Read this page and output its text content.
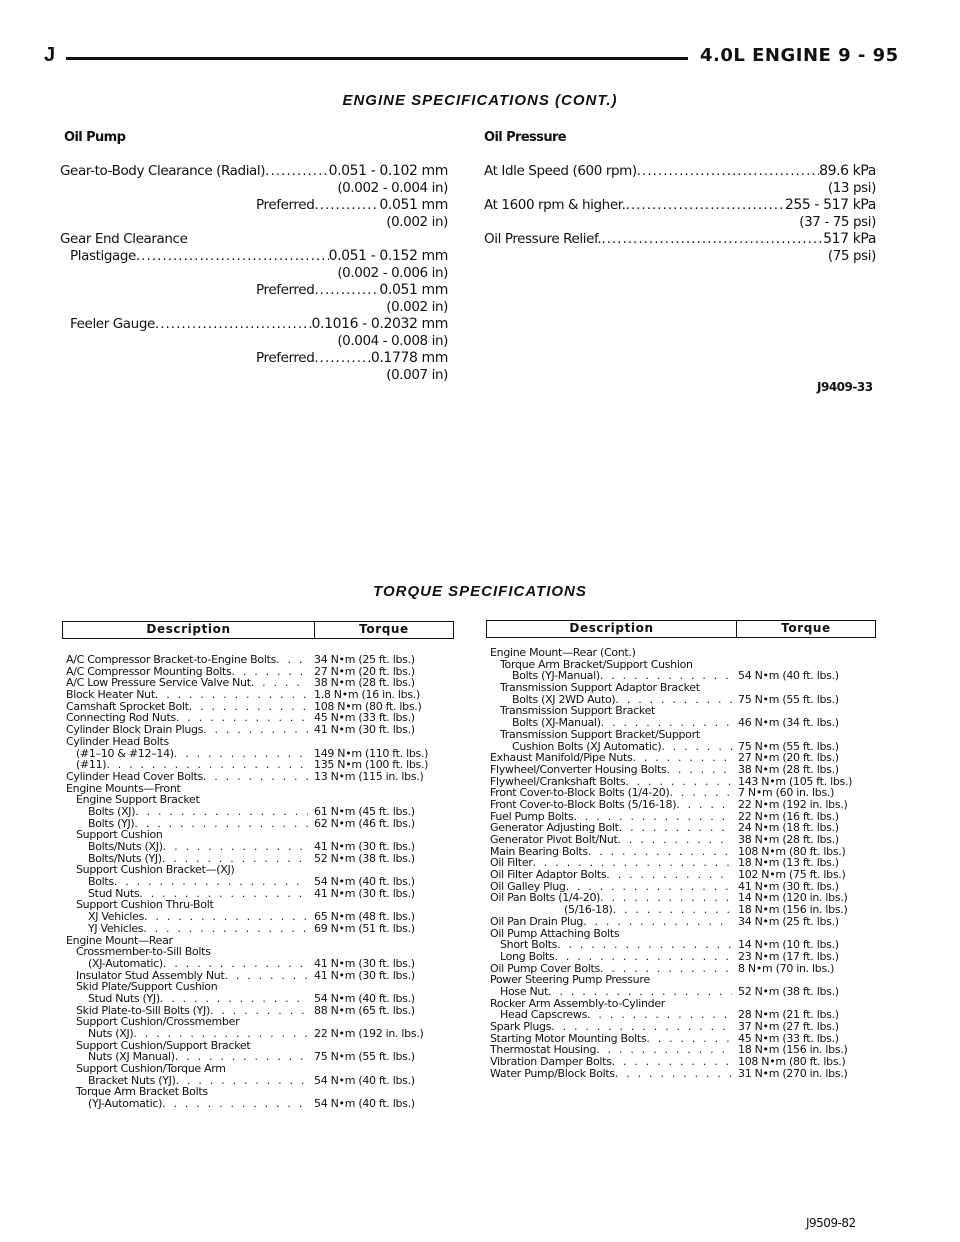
J	4.0L ENGINE 9 - 95
ENGINE SPECIFICATIONS (CONT.)
Oil Pump
Gear-to-Body Clearance (Radial) .....	0.051 - 0.102 mm
(0.002 - 0.004 in)
Preferred .....	0.051 mm
(0.002 in)
Gear End Clearance
Plastigage .....	0.051 - 0.152 mm
(0.002 - 0.006 in)
Preferred .....	0.051 mm
(0.002 in)
Feeler Gauge .....	0.1016 - 0.2032 mm
(0.004 - 0.008 in)
Preferred .....	0.1778 mm
(0.007 in)
Oil Pressure
At Idle Speed (600 rpm) .....	89.6 kPa
(13 psi)
At 1600 rpm & higher. .....	255 - 517 kPa
(37 - 75 psi)
Oil Pressure Relief. .....	517 kPa
(75 psi)
J9409-33
TORQUE SPECIFICATIONS
Description	Torque	Description	Torque
A/C Compressor Bracket-to-Engine Bolts . . .	34 N•m (25 ft. lbs.)
A/C Compressor Mounting Bolts . . .	27 N•m (20 ft. lbs.)
A/C Low Pressure Service Valve Nut . . .	38 N•m (28 ft. lbs.)
Block Heater Nut . . .	1.8 N•m (16 in. lbs.)
Camshaft Sprocket Bolt . . .	108 N•m (80 ft. lbs.)
Connecting Rod Nuts . . .	45 N•m (33 ft. lbs.)
Cylinder Block Drain Plugs . . .	41 N•m (30 ft. lbs.)
Cylinder Head Bolts
(#1–10 & #12–14) . . .	149 N•m (110 ft. lbs.)
(#11) . . .	135 N•m (100 ft. lbs.)
Cylinder Head Cover Bolts . . .	13 N•m (115 in. lbs.)
Engine Mounts—Front
Engine Support Bracket
Bolts (XJ) . . .	61 N•m (45 ft. lbs.)
Bolts (YJ) . . .	62 N•m (46 ft. lbs.)
Support Cushion
Bolts/Nuts (XJ) . . .	41 N•m (30 ft. lbs.)
Bolts/Nuts (YJ) . . .	52 N•m (38 ft. lbs.)
Support Cushion Bracket—(XJ)
Bolts . . .	54 N•m (40 ft. lbs.)
Stud Nuts . . .	41 N•m (30 ft. lbs.)
Support Cushion Thru-Bolt
XJ Vehicles . . .	65 N•m (48 ft. lbs.)
YJ Vehicles . . .	69 N•m (51 ft. lbs.)
Engine Mount—Rear
Crossmember-to-Sill Bolts
(XJ-Automatic) . . .	41 N•m (30 ft. lbs.)
Insulator Stud Assembly Nut . . .	41 N•m (30 ft. lbs.)
Skid Plate/Support Cushion
Stud Nuts (YJ) . . .	54 N•m (40 ft. lbs.)
Skid Plate-to-Sill Bolts (YJ) . . .	88 N•m (65 ft. lbs.)
Support Cushion/Crossmember
Nuts (XJ) . . .	22 N•m (192 in. lbs.)
Support Cushion/Support Bracket
Nuts (XJ Manual) . . .	75 N•m (55 ft. lbs.)
Support Cushion/Torque Arm
Bracket Nuts (YJ) . . .	54 N•m (40 ft. lbs.)
Torque Arm Bracket Bolts
(YJ-Automatic) . . .	54 N•m (40 ft. lbs.)
Engine Mount—Rear (Cont.)
Torque Arm Bracket/Support Cushion
Bolts (YJ-Manual) . . .	54 N•m (40 ft. lbs.)
Transmission Support Adaptor Bracket
Bolts (XJ 2WD Auto) . . .	75 N•m (55 ft. lbs.)
Transmission Support Bracket
Bolts (XJ-Manual) . . .	46 N•m (34 ft. lbs.)
Transmission Support Bracket/Support
Cushion Bolts (XJ Automatic) . . .	75 N•m (55 ft. lbs.)
Exhaust Manifold/Pipe Nuts . . .	27 N•m (20 ft. lbs.)
Flywheel/Converter Housing Bolts . . .	38 N•m (28 ft. lbs.)
Flywheel/Crankshaft Bolts . . .	143 N•m (105 ft. lbs.)
Front Cover-to-Block Bolts (1/4-20) . . .	7 N•m (60 in. lbs.)
Front Cover-to-Block Bolts (5/16-18) . . .	22 N•m (192 in. lbs.)
Fuel Pump Bolts . . .	22 N•m (16 ft. lbs.)
Generator Adjusting Bolt . . .	24 N•m (18 ft. lbs.)
Generator Pivot Bolt/Nut . . .	38 N•m (28 ft. lbs.)
Main Bearing Bolts . . .	108 N•m (80 ft. lbs.)
Oil Filter . . .	18 N•m (13 ft. lbs.)
Oil Filter Adaptor Bolts . . .	102 N•m (75 ft. lbs.)
Oil Galley Plug . . .	41 N•m (30 ft. lbs.)
Oil Pan Bolts (1/4-20) . . .	14 N•m (120 in. lbs.)
(5/16-18) . . .	18 N•m (156 in. lbs.)
Oil Pan Drain Plug . . .	34 N•m (25 ft. lbs.)
Oil Pump Attaching Bolts
Short Bolts . . .	14 N•m (10 ft. lbs.)
Long Bolts . . .	23 N•m (17 ft. lbs.)
Oil Pump Cover Bolts . . .	8 N•m (70 in. lbs.)
Power Steering Pump Pressure
Hose Nut . . .	52 N•m (38 ft. lbs.)
Rocker Arm Assembly-to-Cylinder
Head Capscrews . . .	28 N•m (21 ft. lbs.)
Spark Plugs . . .	37 N•m (27 ft. lbs.)
Starting Motor Mounting Bolts . . .	45 N•m (33 ft. lbs.)
Thermostat Housing . . .	18 N•m (156 in. lbs.)
Vibration Damper Bolts . . .	108 N•m (80 ft. lbs.)
Water Pump/Block Bolts . . .	31 N•m (270 in. lbs.)
J9509-82
